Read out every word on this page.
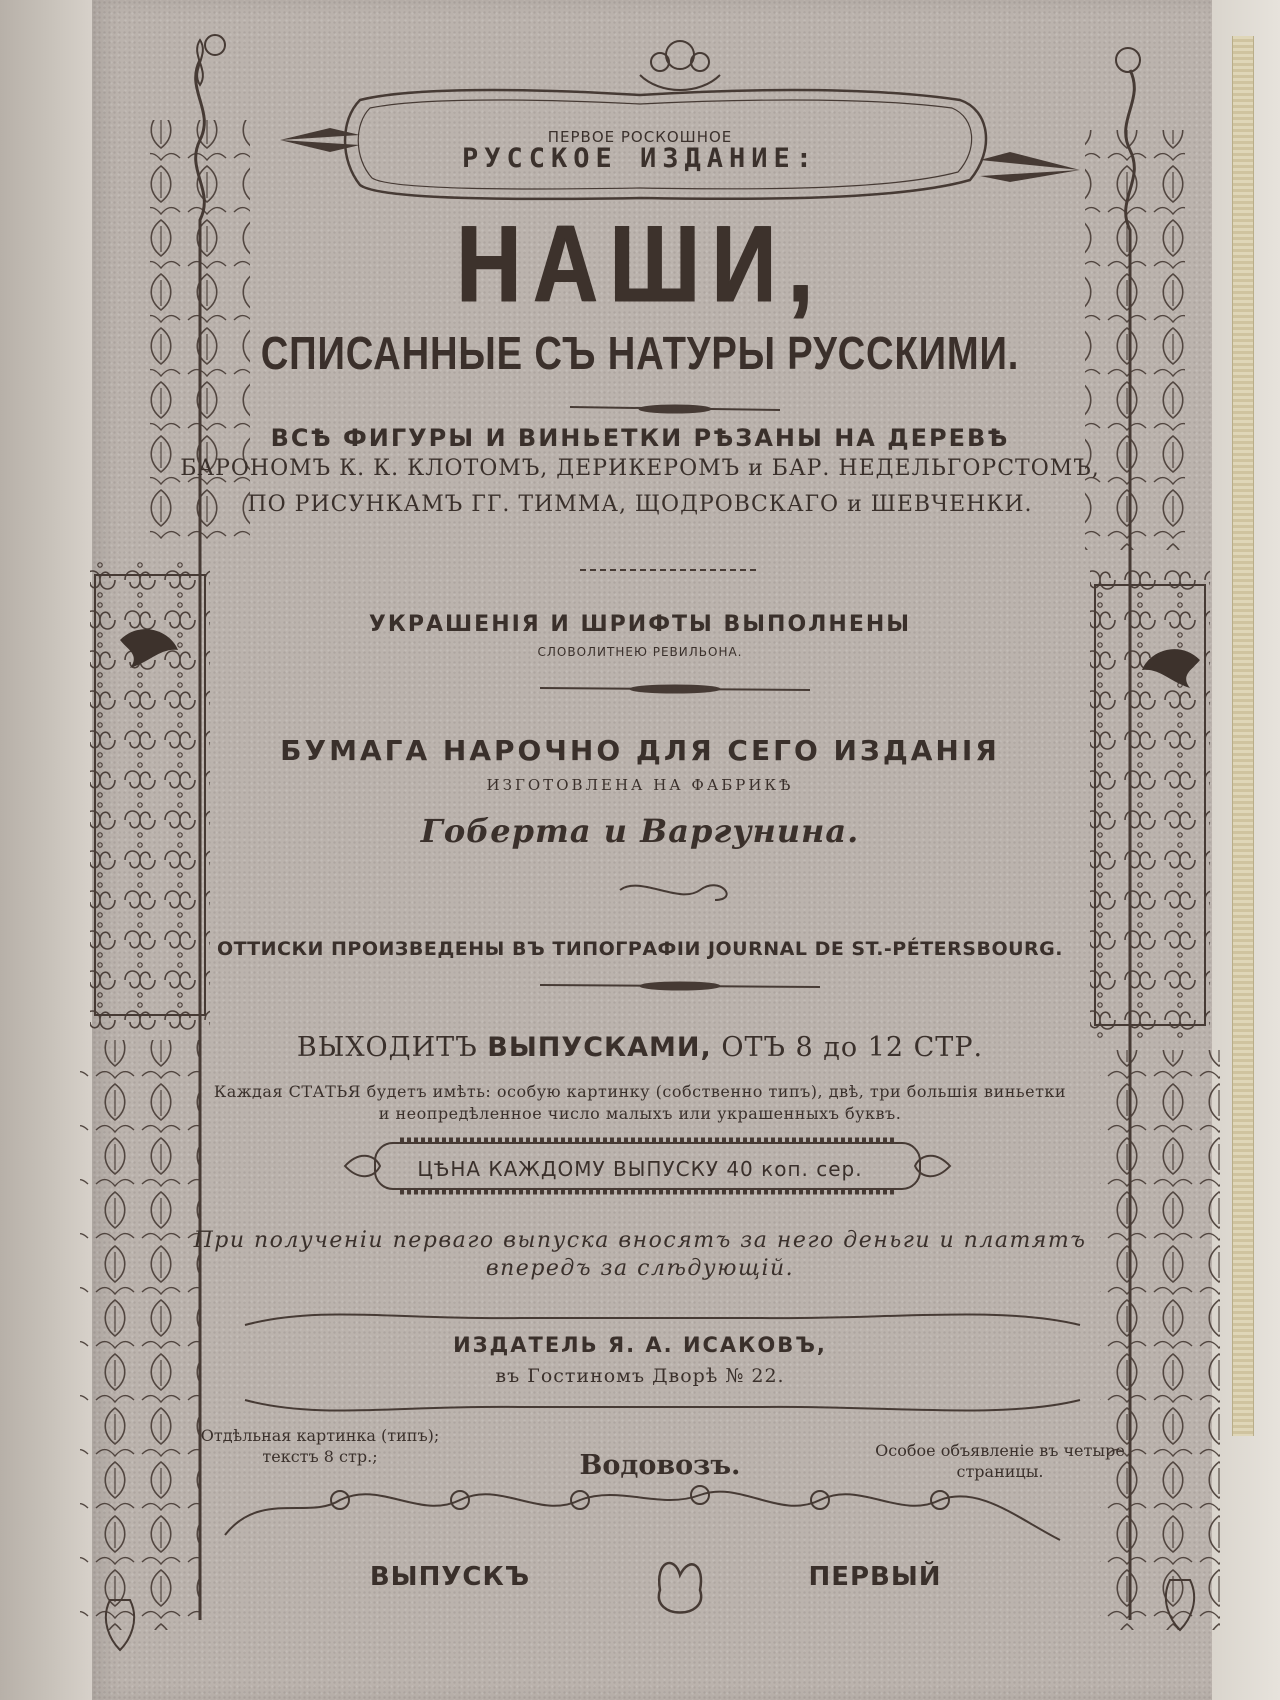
ПЕРВОЕ РОСКОШНОЕ
РУССКОЕ ИЗДАНИЕ:
НАШИ,
СПИСАННЫЕ СЪ НАТУРЫ РУССКИМИ.
ВСѢ ФИГУРЫ И ВИНЬЕТКИ РѢЗАНЫ НА ДЕРЕВѢ
БАРОНОМЪ К. К. КЛОТОМЪ, ДЕРИКЕРОМЪ и БАР. НЕДЕЛЬГОРСТОМЪ,
ПО РИСУНКАМЪ ГГ. ТИММА, ЩОДРОВСКАГО и ШЕВЧЕНКИ.
УКРАШЕНІЯ И ШРИФТЫ ВЫПОЛНЕНЫ
СЛОВОЛИТНЕЮ РЕВИЛЬОНА.
БУМАГА НАРОЧНО ДЛЯ СЕГО ИЗДАНІЯ
ИЗГОТОВЛЕНА НА ФАБРИКѢ
Гоберта и Варгунина.
ОТТИСКИ ПРОИЗВЕДЕНЫ ВЪ ТИПОГРАФІИ JOURNAL DE ST.-PÉTERSBOURG.
ВЫХОДИТЪ ВЫПУСКАМИ, ОТЪ 8 до 12 СТР.
Каждая СТАТЬЯ будетъ имѣть: особую картинку (собственно типъ), двѣ, три большія виньетки
и неопредѣленное число малыхъ или украшенныхъ буквъ.
ЦѢНА КАЖДОМУ ВЫПУСКУ 40 коп. сер.
При полученіи перваго выпуска вносятъ за него деньги и платятъ
впередъ за слѣдующій.
ИЗДАТЕЛЬ Я. А. ИСАКОВЪ,
въ Гостиномъ Дворѣ № 22.
Отдѣльная картинка (типъ);
текстъ 8 стр.;	Водовозъ.	Особое объявленіе въ четыре
страницы.
ВЫПУСКЪ	ПЕРВЫЙ
